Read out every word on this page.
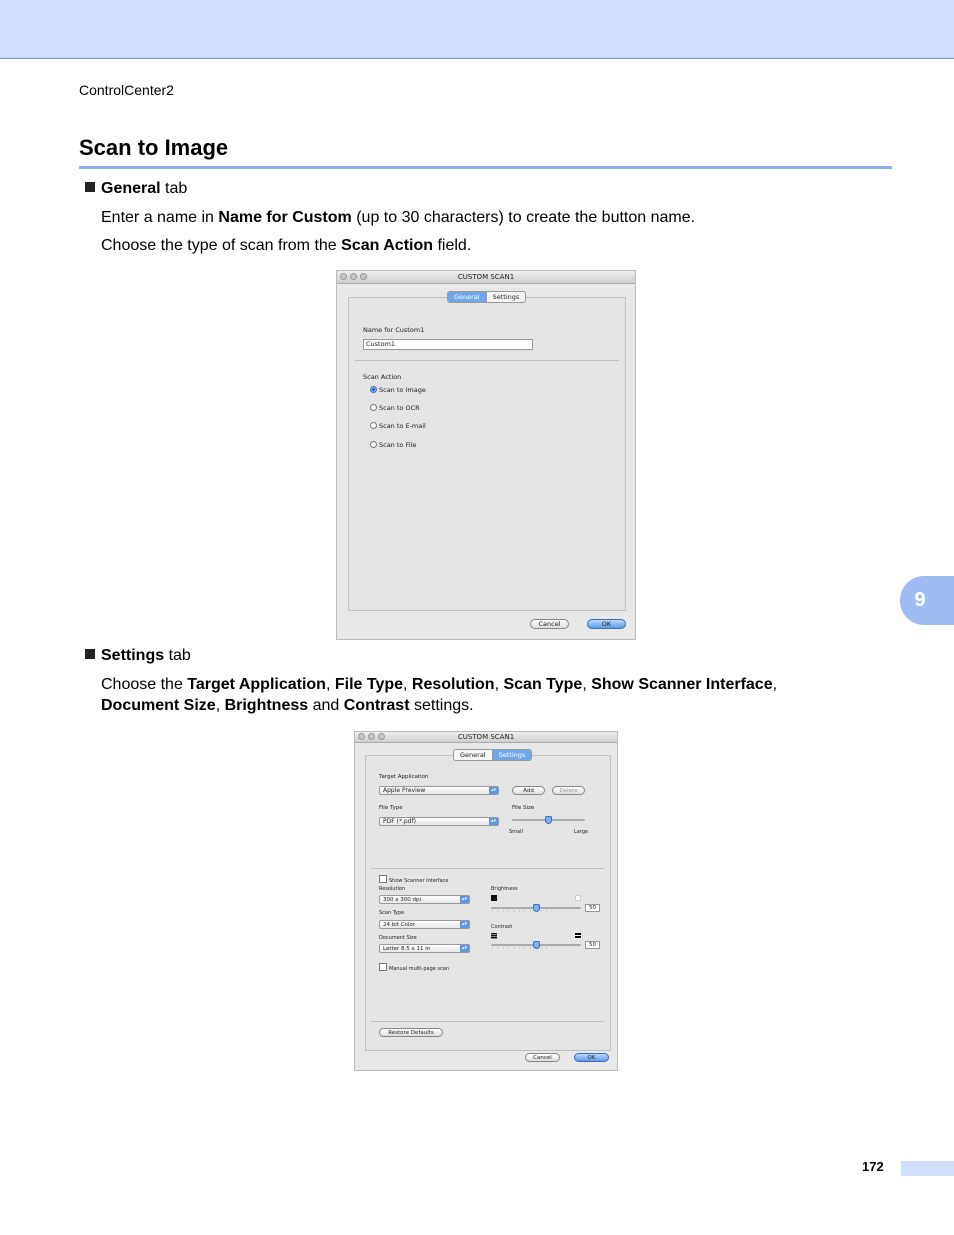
ControlCenter2
Scan to Image
General tab
Enter a name in Name for Custom (up to 30 characters) to create the button name.
Choose the type of scan from the Scan Action field.
CUSTOM SCAN1
General	Settings
Name for Custom1
Custom1
Scan Action
Scan to Image
Scan to OCR
Scan to E-mail
Scan to File
Cancel	OK
Settings tab
Choose the Target Application, File Type, Resolution, Scan Type, Show Scanner Interface,
Document Size, Brightness and Contrast settings.
CUSTOM SCAN1
General	Settings
Target Application
Apple Preview	▴▾	Add	Delete
File Type
PDF (*.pdf)	▴▾
File Size
Small	Large
Show Scanner Interface
Resolution
300 x 300 dpi	▴▾
Scan Type
24 bit Color	▴▾
Document Size
Letter 8.5 x 11 in	▴▾
Manual multi-page scan
Brightness
'''''''''''
50
Contrast
'''''''''''
50
Restore Defaults
Cancel	OK
9
172
